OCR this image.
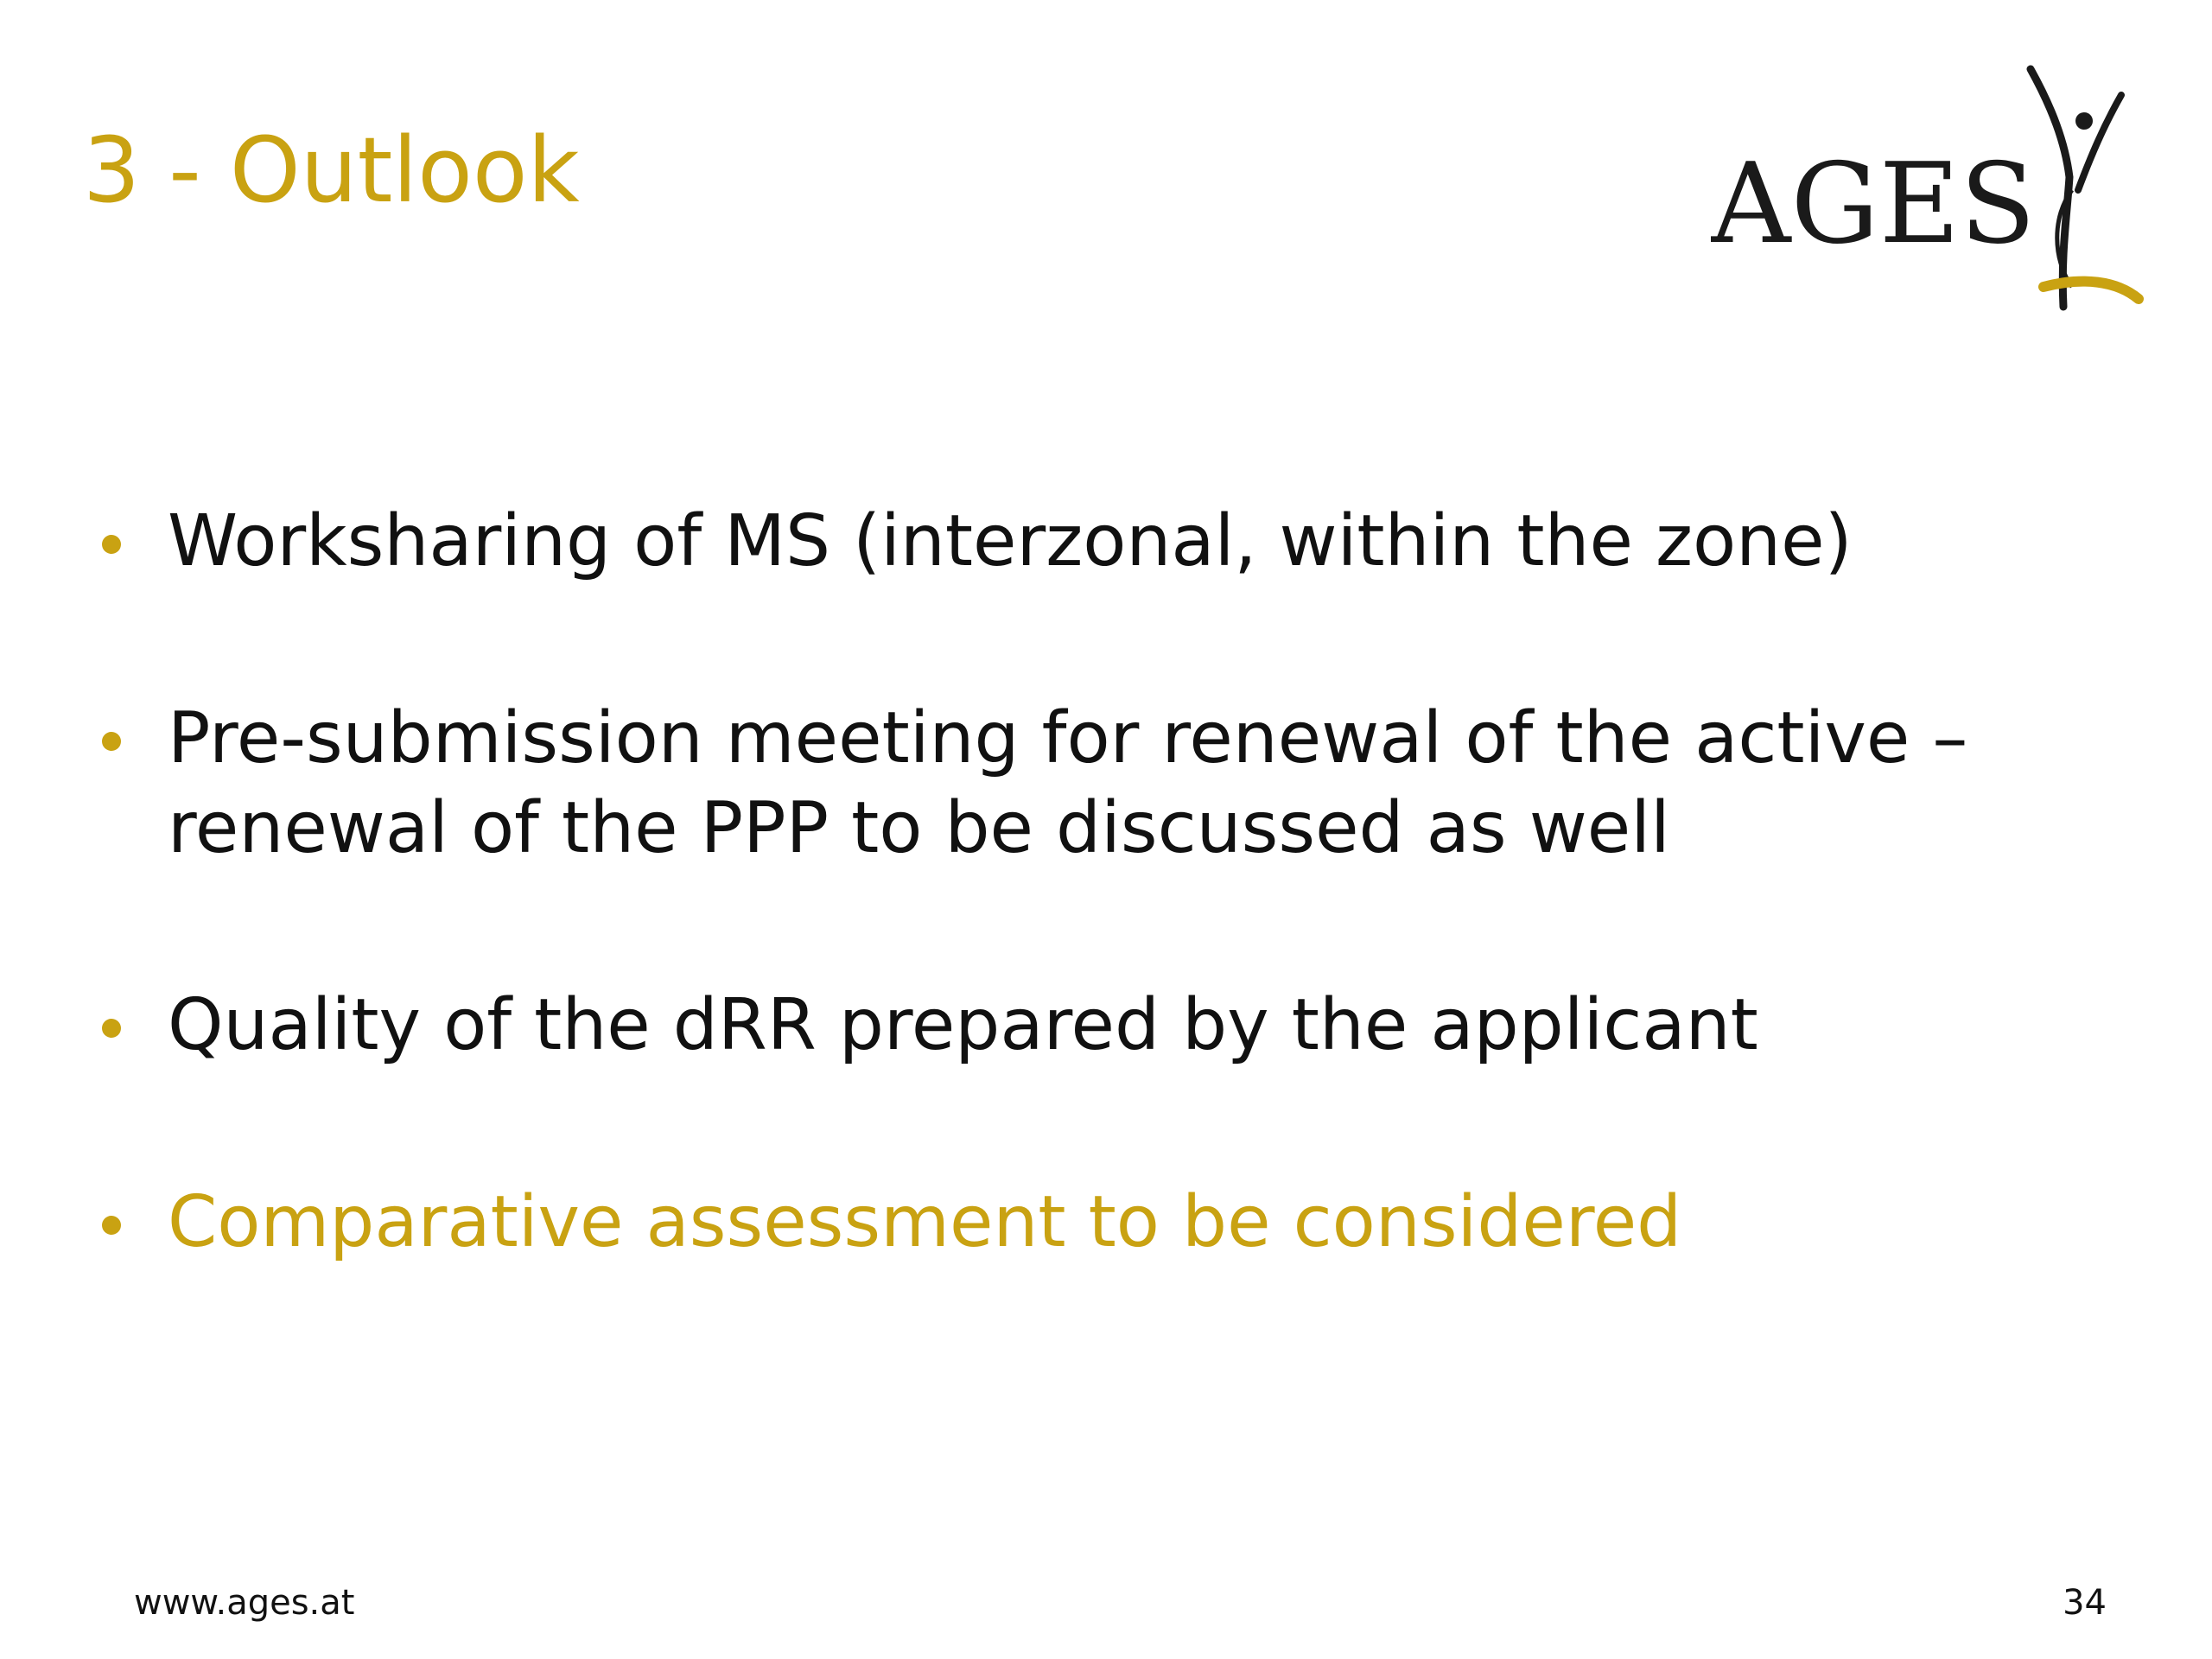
3 - Outlook	AGES
Worksharing of MS (interzonal, within the zone)
Pre-submission meeting for renewal of the active – renewal of the PPP to be discussed as well
Quality of the dRR prepared by the applicant
Comparative assessment to be considered
www.ages.at	34
